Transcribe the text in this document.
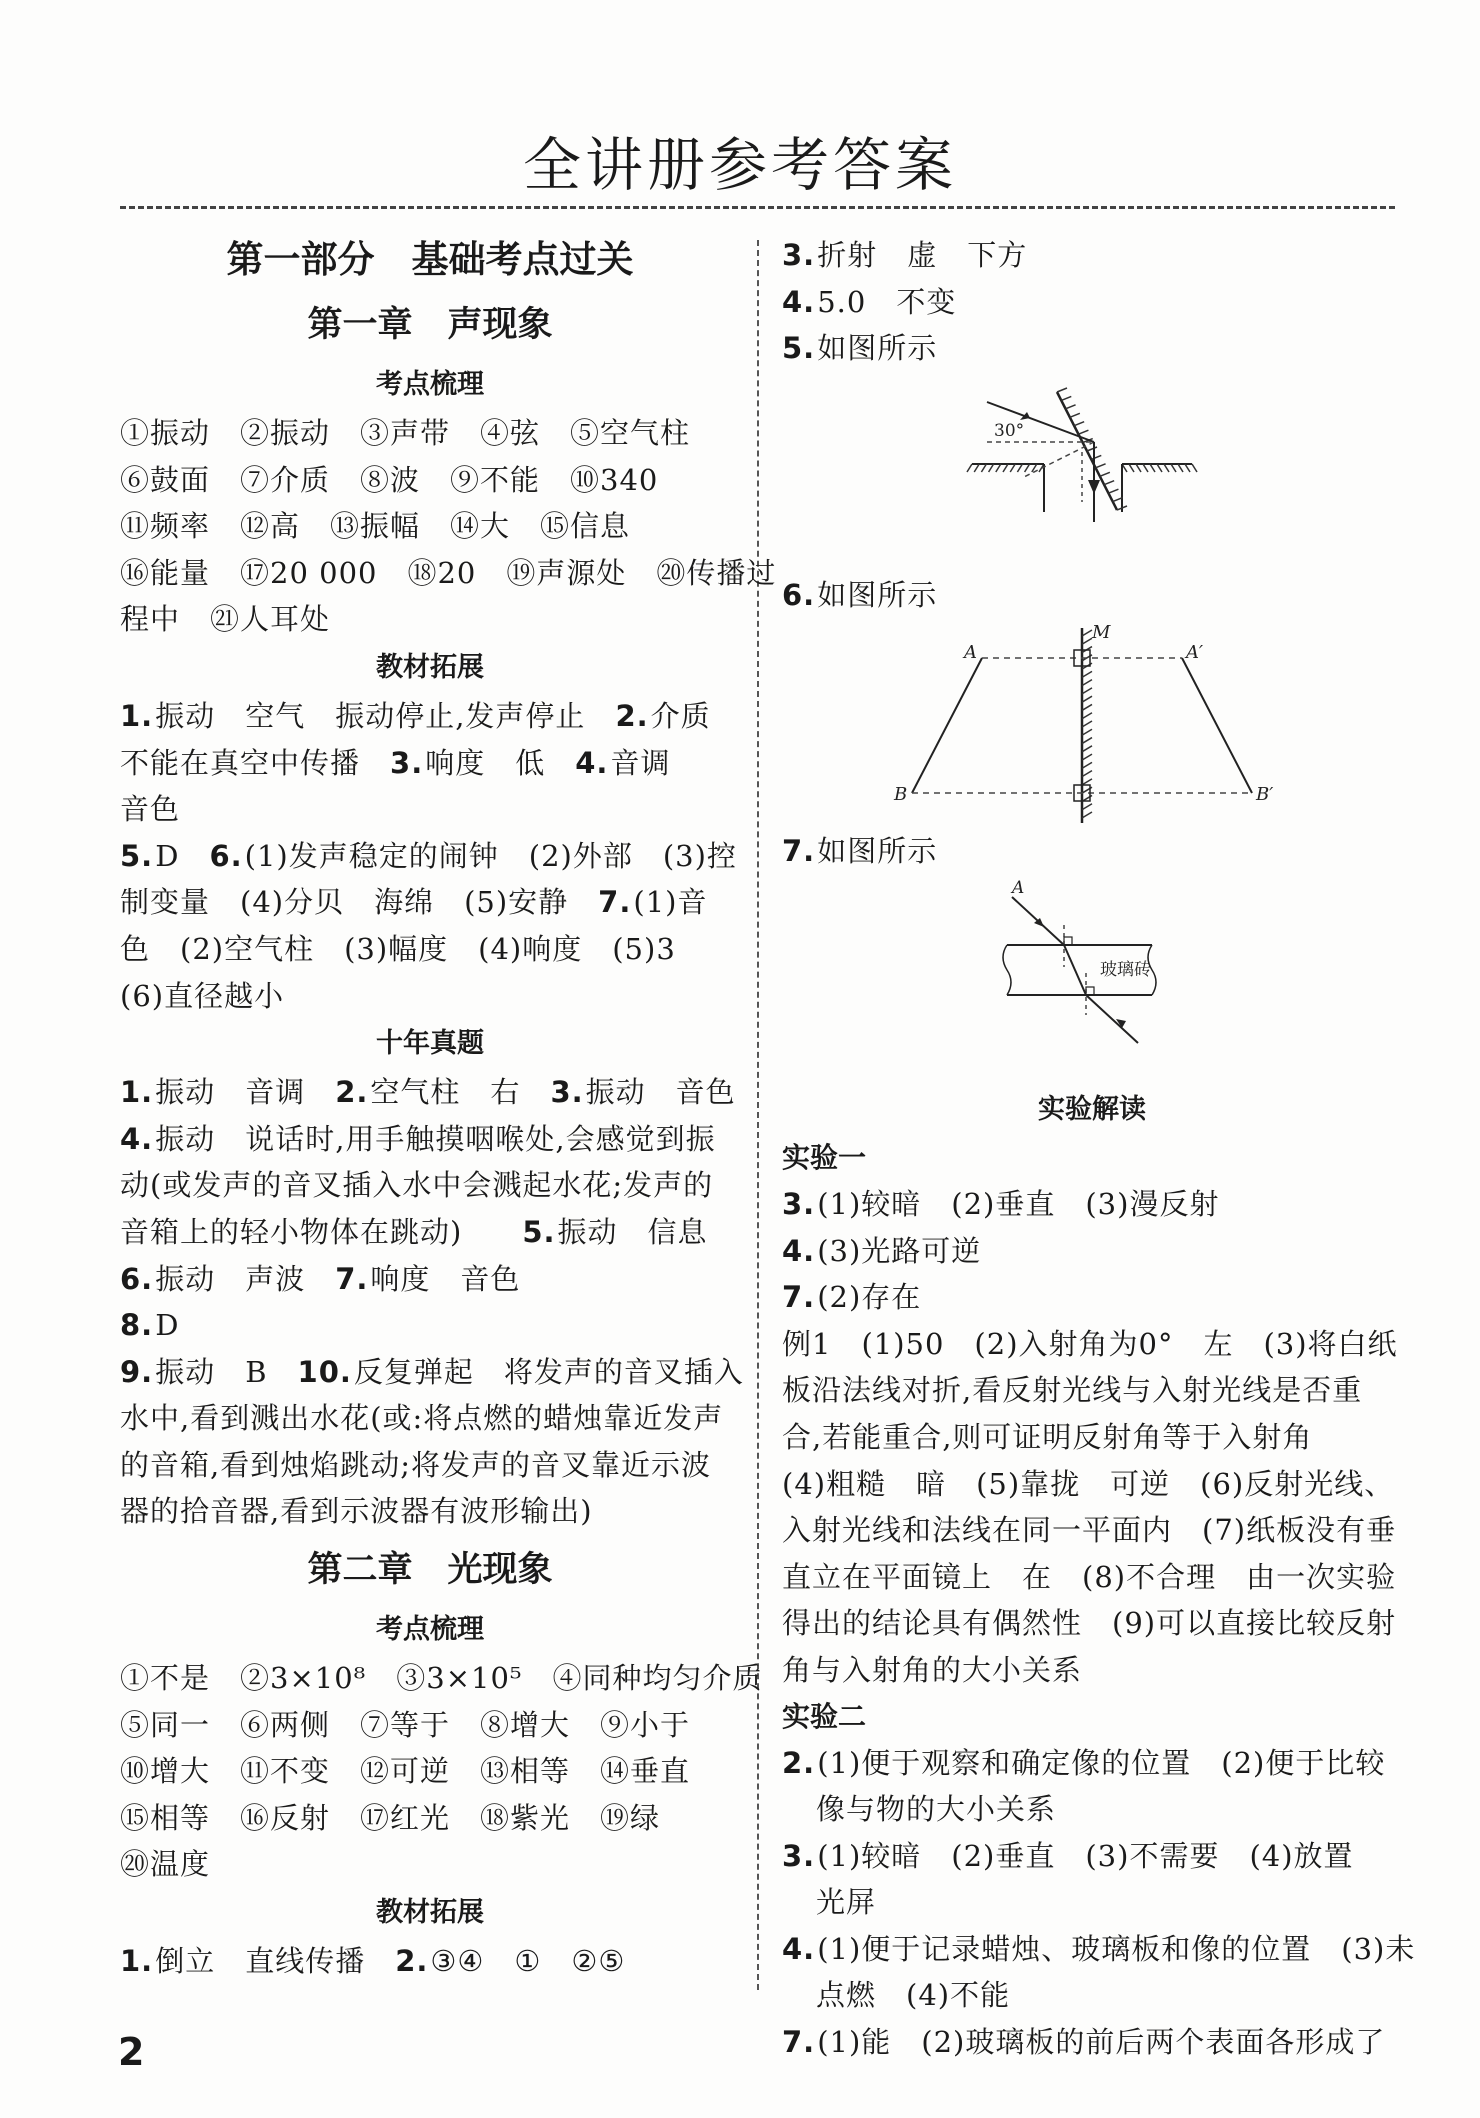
全讲册参考答案
第一部分　基础考点过关
第一章　声现象
考点梳理
①振动　②振动　③声带　④弦　⑤空气柱
⑥鼓面　⑦介质　⑧波　⑨不能　⑩340
⑪频率　⑫高　⑬振幅　⑭大　⑮信息
⑯能量　⑰20 000　⑱20　⑲声源处　⑳传播过
程中　㉑人耳处
教材拓展
1.振动　空气　振动停止,发声停止　2.介质
不能在真空中传播　3.响度　低　4.音调
音色
5.D　6.(1)发声稳定的闹钟　(2)外部　(3)控
制变量　(4)分贝　海绵　(5)安静　7.(1)音
色　(2)空气柱　(3)幅度　(4)响度　(5)3
(6)直径越小
十年真题
1.振动　音调　2.空气柱　右　3.振动　音色
4.振动　说话时,用手触摸咽喉处,会感觉到振
动(或发声的音叉插入水中会溅起水花;发声的
音箱上的轻小物体在跳动)　　5.振动　信息
6.振动　声波　7.响度　音色
8.D
9.振动　B　10.反复弹起　将发声的音叉插入
水中,看到溅出水花(或:将点燃的蜡烛靠近发声
的音箱,看到烛焰跳动;将发声的音叉靠近示波
器的拾音器,看到示波器有波形输出)
第二章　光现象
考点梳理
①不是　②3×10⁸　③3×10⁵　④同种均匀介质
⑤同一　⑥两侧　⑦等于　⑧增大　⑨小于
⑩增大　⑪不变　⑫可逆　⑬相等　⑭垂直
⑮相等　⑯反射　⑰红光　⑱紫光　⑲绿
⑳温度
教材拓展
1.倒立　直线传播　2.③④　①　②⑤
3.折射　虚　下方
4.5.0　不变
5.如图所示
30°
6.如图所示
M
A	A′
B	B′
7.如图所示
A
玻璃砖
实验解读
实验一
3.(1)较暗　(2)垂直　(3)漫反射
4.(3)光路可逆
7.(2)存在
例1　(1)50　(2)入射角为0°　左　(3)将白纸
板沿法线对折,看反射光线与入射光线是否重
合,若能重合,则可证明反射角等于入射角
(4)粗糙　暗　(5)靠拢　可逆　(6)反射光线、
入射光线和法线在同一平面内　(7)纸板没有垂
直立在平面镜上　在　(8)不合理　由一次实验
得出的结论具有偶然性　(9)可以直接比较反射
角与入射角的大小关系
实验二
2.(1)便于观察和确定像的位置　(2)便于比较
像与物的大小关系
3.(1)较暗　(2)垂直　(3)不需要　(4)放置
光屏
4.(1)便于记录蜡烛、玻璃板和像的位置　(3)未
点燃　(4)不能
7.(1)能　(2)玻璃板的前后两个表面各形成了
2
